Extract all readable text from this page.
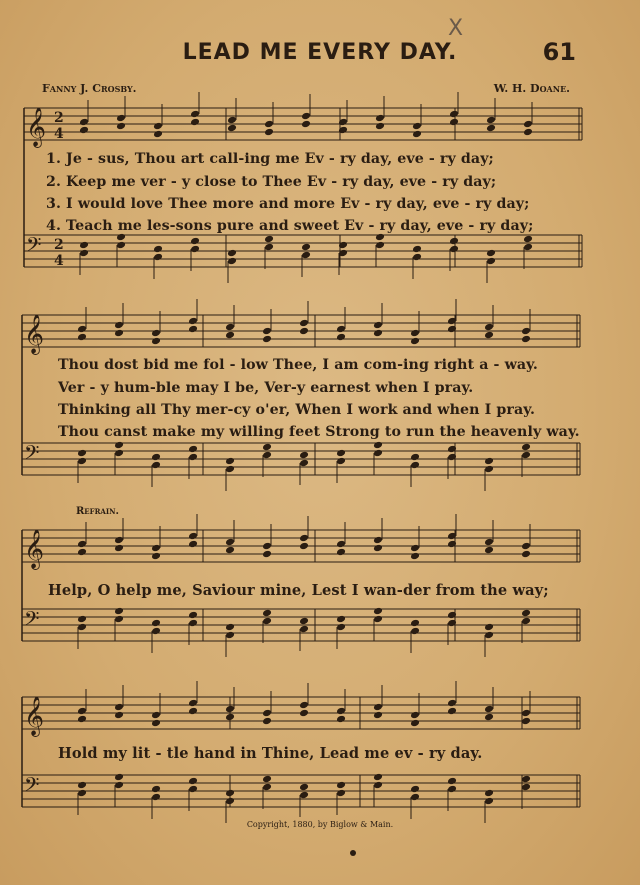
X
LEAD ME EVERY DAY.	61
Fanny J. Crosby.	W. H. Doane.
𝄞
𝄢
2
4
2
4
𝄞
𝄢
𝄞
𝄢
𝄞
𝄢
1. Je - sus, Thou art call-ing me Ev - ry day, eve - ry day;
2. Keep me ver - y close to Thee Ev - ry day, eve - ry day;
3. I would love Thee more and more Ev - ry day, eve - ry day;
4. Teach me les-sons pure and sweet Ev - ry day, eve - ry day;
Thou dost bid me fol - low Thee, I am com-ing right a - way.
Ver - y hum-ble may I be, Ver-y earnest when I pray.
Thinking all Thy mer-cy o'er, When I work and when I pray.
Thou canst make my willing feet Strong to run the heavenly way.
Refrain.
Help, O help me, Saviour mine, Lest I wan-der from the way;
Hold my lit - tle hand in Thine, Lead me ev - ry day.
Copyright, 1880, by Biglow & Main.
